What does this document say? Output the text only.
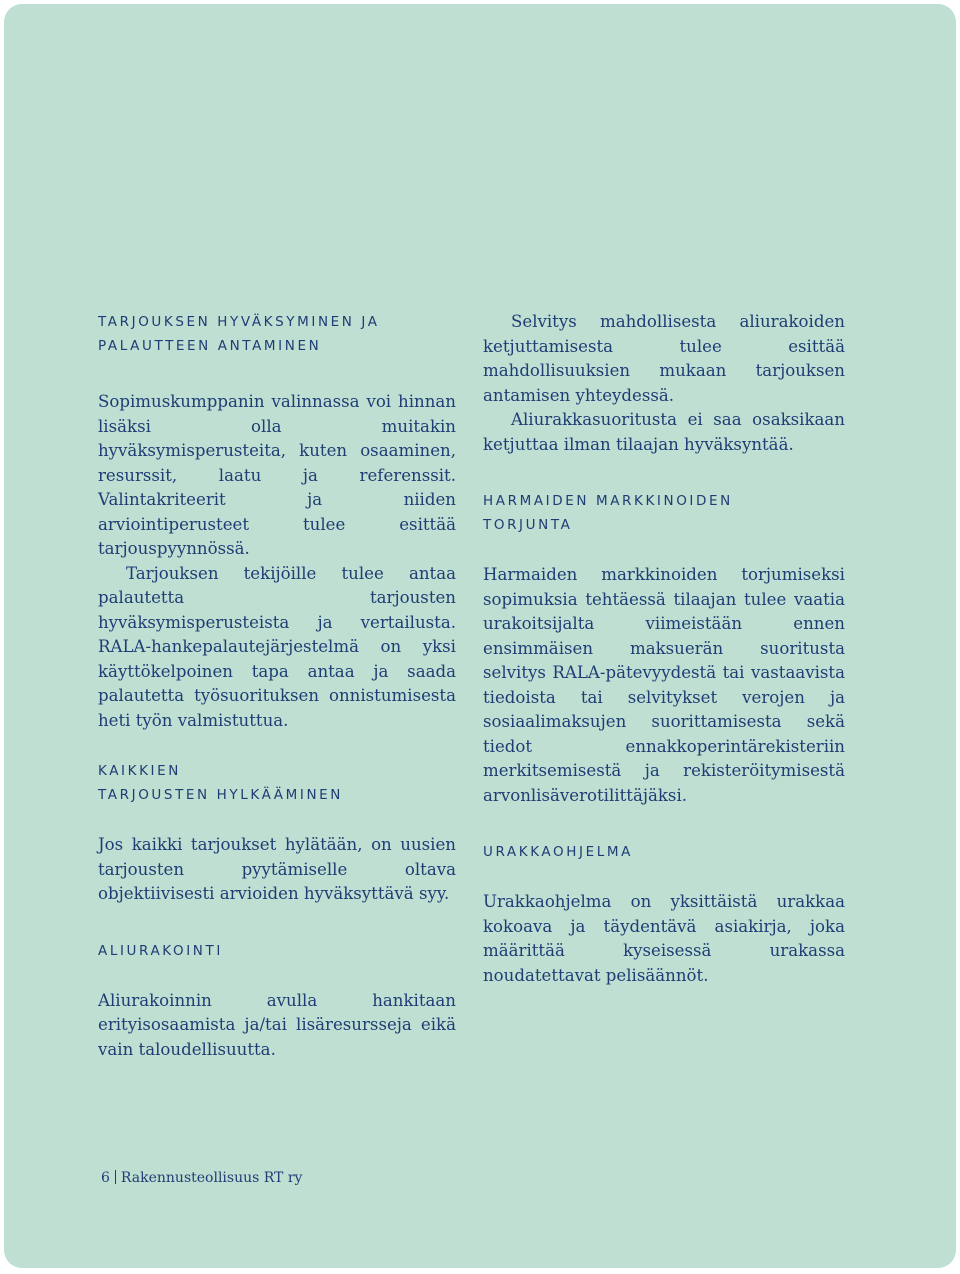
TARJOUKSEN HYVÄKSYMINEN JA
PALAUTTEEN ANTAMINEN

Sopimuskumppanin valinnassa voi hinnan lisäksi olla muitakin hyväksymisperusteita, kuten osaaminen, resurssit, laatu ja referenssit. Valintakriteerit ja niiden arviointiperusteet tulee esittää tarjouspyynnössä.

Tarjouksen tekijöille tulee antaa palautetta tarjousten hyväksymisperusteista ja vertailusta. RALA-hankepalautejärjestelmä on yksi käyttökelpoinen tapa antaa ja saada palautetta työsuorituksen onnistumisesta heti työn valmistuttua.

KAIKKIEN
TARJOUSTEN HYLKÄÄMINEN

Jos kaikki tarjoukset hylätään, on uusien tarjousten pyytämiselle oltava objektiivisesti arvioiden hyväksyttävä syy.

ALIURAKOINTI

Aliurakoinnin avulla hankitaan erityisosaamista ja/tai lisäresursseja eikä vain taloudellisuutta.

Selvitys mahdollisesta aliurakoiden ketjuttamisesta tulee esittää mahdollisuuksien mukaan tarjouksen antamisen yhteydessä.

Aliurakkasuoritusta ei saa osaksikaan ketjuttaa ilman tilaajan hyväksyntää.

HARMAIDEN MARKKINOIDEN
TORJUNTA

Harmaiden markkinoiden torjumiseksi sopimuksia tehtäessä tilaajan tulee vaatia urakoitsijalta viimeistään ennen ensimmäisen maksuerän suoritusta selvitys RALA-pätevyydestä tai vastaavista tiedoista tai selvitykset verojen ja sosiaalimaksujen suorittamisesta sekä tiedot ennakkoperintärekisteriin merkitsemisestä ja rekisteröitymisestä arvonlisäverotilittäjäksi.

URAKKAOHJELMA

Urakkaohjelma on yksittäistä urakkaa kokoava ja täydentävä asiakirja, joka määrittää kyseisessä urakassa noudatettavat pelisäännöt.

6 Rakennusteollisuus RT ry
